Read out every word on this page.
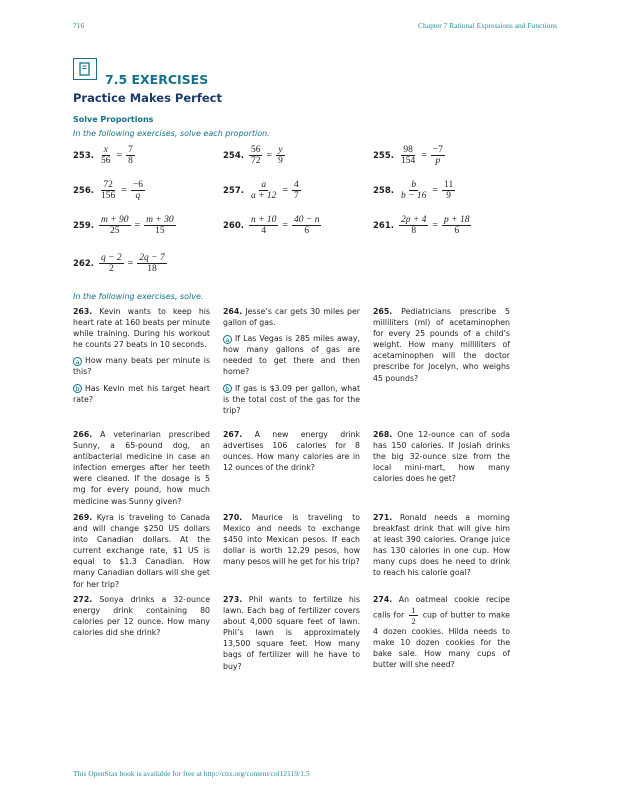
716	Chapter 7 Rational Expressions and Functions
7.5 EXERCISES
Practice Makes Perfect
Solve Proportions
In the following exercises, solve each proportion.
253. $\frac{x}{56} = \frac{7}{8}$	254. $\frac{56}{72} = \frac{y}{9}$	255. $\frac{98}{154} = \frac{-7}{p}$
256. $\frac{72}{156} = \frac{-6}{q}$	257. $\frac{a}{a + 12} = \frac{4}{7}$	258. $\frac{b}{b - 16} = \frac{11}{9}$
259. $\frac{m + 90}{25} = \frac{m + 30}{15}$	260. $\frac{n + 10}{4} = \frac{40 - n}{6}$	261. $\frac{2p + 4}{8} = \frac{p + 18}{6}$
262. $\frac{q - 2}{2} = \frac{2q - 7}{18}$
In the following exercises, solve.
263. Kevin wants to keep his heart rate at 160 beats per minute while training. During his workout he counts 27 beats in 10 seconds.
a How many beats per minute is this?
b Has Kevin met his target heart rate?
264. Jesse’s car gets 30 miles per gallon of gas.
a If Las Vegas is 285 miles away, how many gallons of gas are needed to get there and then home?
b If gas is $3.09 per gallon, what is the total cost of the gas for the trip?
265. Pediatricians prescribe 5 milliliters (ml) of acetaminophen for every 25 pounds of a child’s weight. How many milliliters of acetaminophen will the doctor prescribe for Jocelyn, who weighs 45 pounds?
266. A veterinarian prescribed Sunny, a 65-pound dog, an antibacterial medicine in case an infection emerges after her teeth were cleaned. If the dosage is 5 mg for every pound, how much medicine was Sunny given?
267. A new energy drink advertises 106 calories for 8 ounces. How many calories are in 12 ounces of the drink?
268. One 12-ounce can of soda has 150 calories. If Josiah drinks the big 32-ounce size from the local mini-mart, how many calories does he get?
269. Kyra is traveling to Canada and will change $250 US dollars into Canadian dollars. At the current exchange rate, $1 US is equal to $1.3 Canadian. How many Canadian dollars will she get for her trip?
270. Maurice is traveling to Mexico and needs to exchange $450 into Mexican pesos. If each dollar is worth 12.29 pesos, how many pesos will he get for his trip?
271. Ronald needs a morning breakfast drink that will give him at least 390 calories. Orange juice has 130 calories in one cup. How many cups does he need to drink to reach his calorie goal?
272. Sonya drinks a 32-ounce energy drink containing 80 calories per 12 ounce. How many calories did she drink?
273. Phil wants to fertilize his lawn. Each bag of fertilizer covers about 4,000 square feet of lawn. Phil’s lawn is approximately 13,500 square feet. How many bags of fertilizer will he have to buy?
274. An oatmeal cookie recipe calls for $\frac{1}{2}$ cup of butter to make 4 dozen cookies. Hilda needs to make 10 dozen cookies for the bake sale. How many cups of butter will she need?
This OpenStax book is available for free at http://cnx.org/content/col12119/1.5
